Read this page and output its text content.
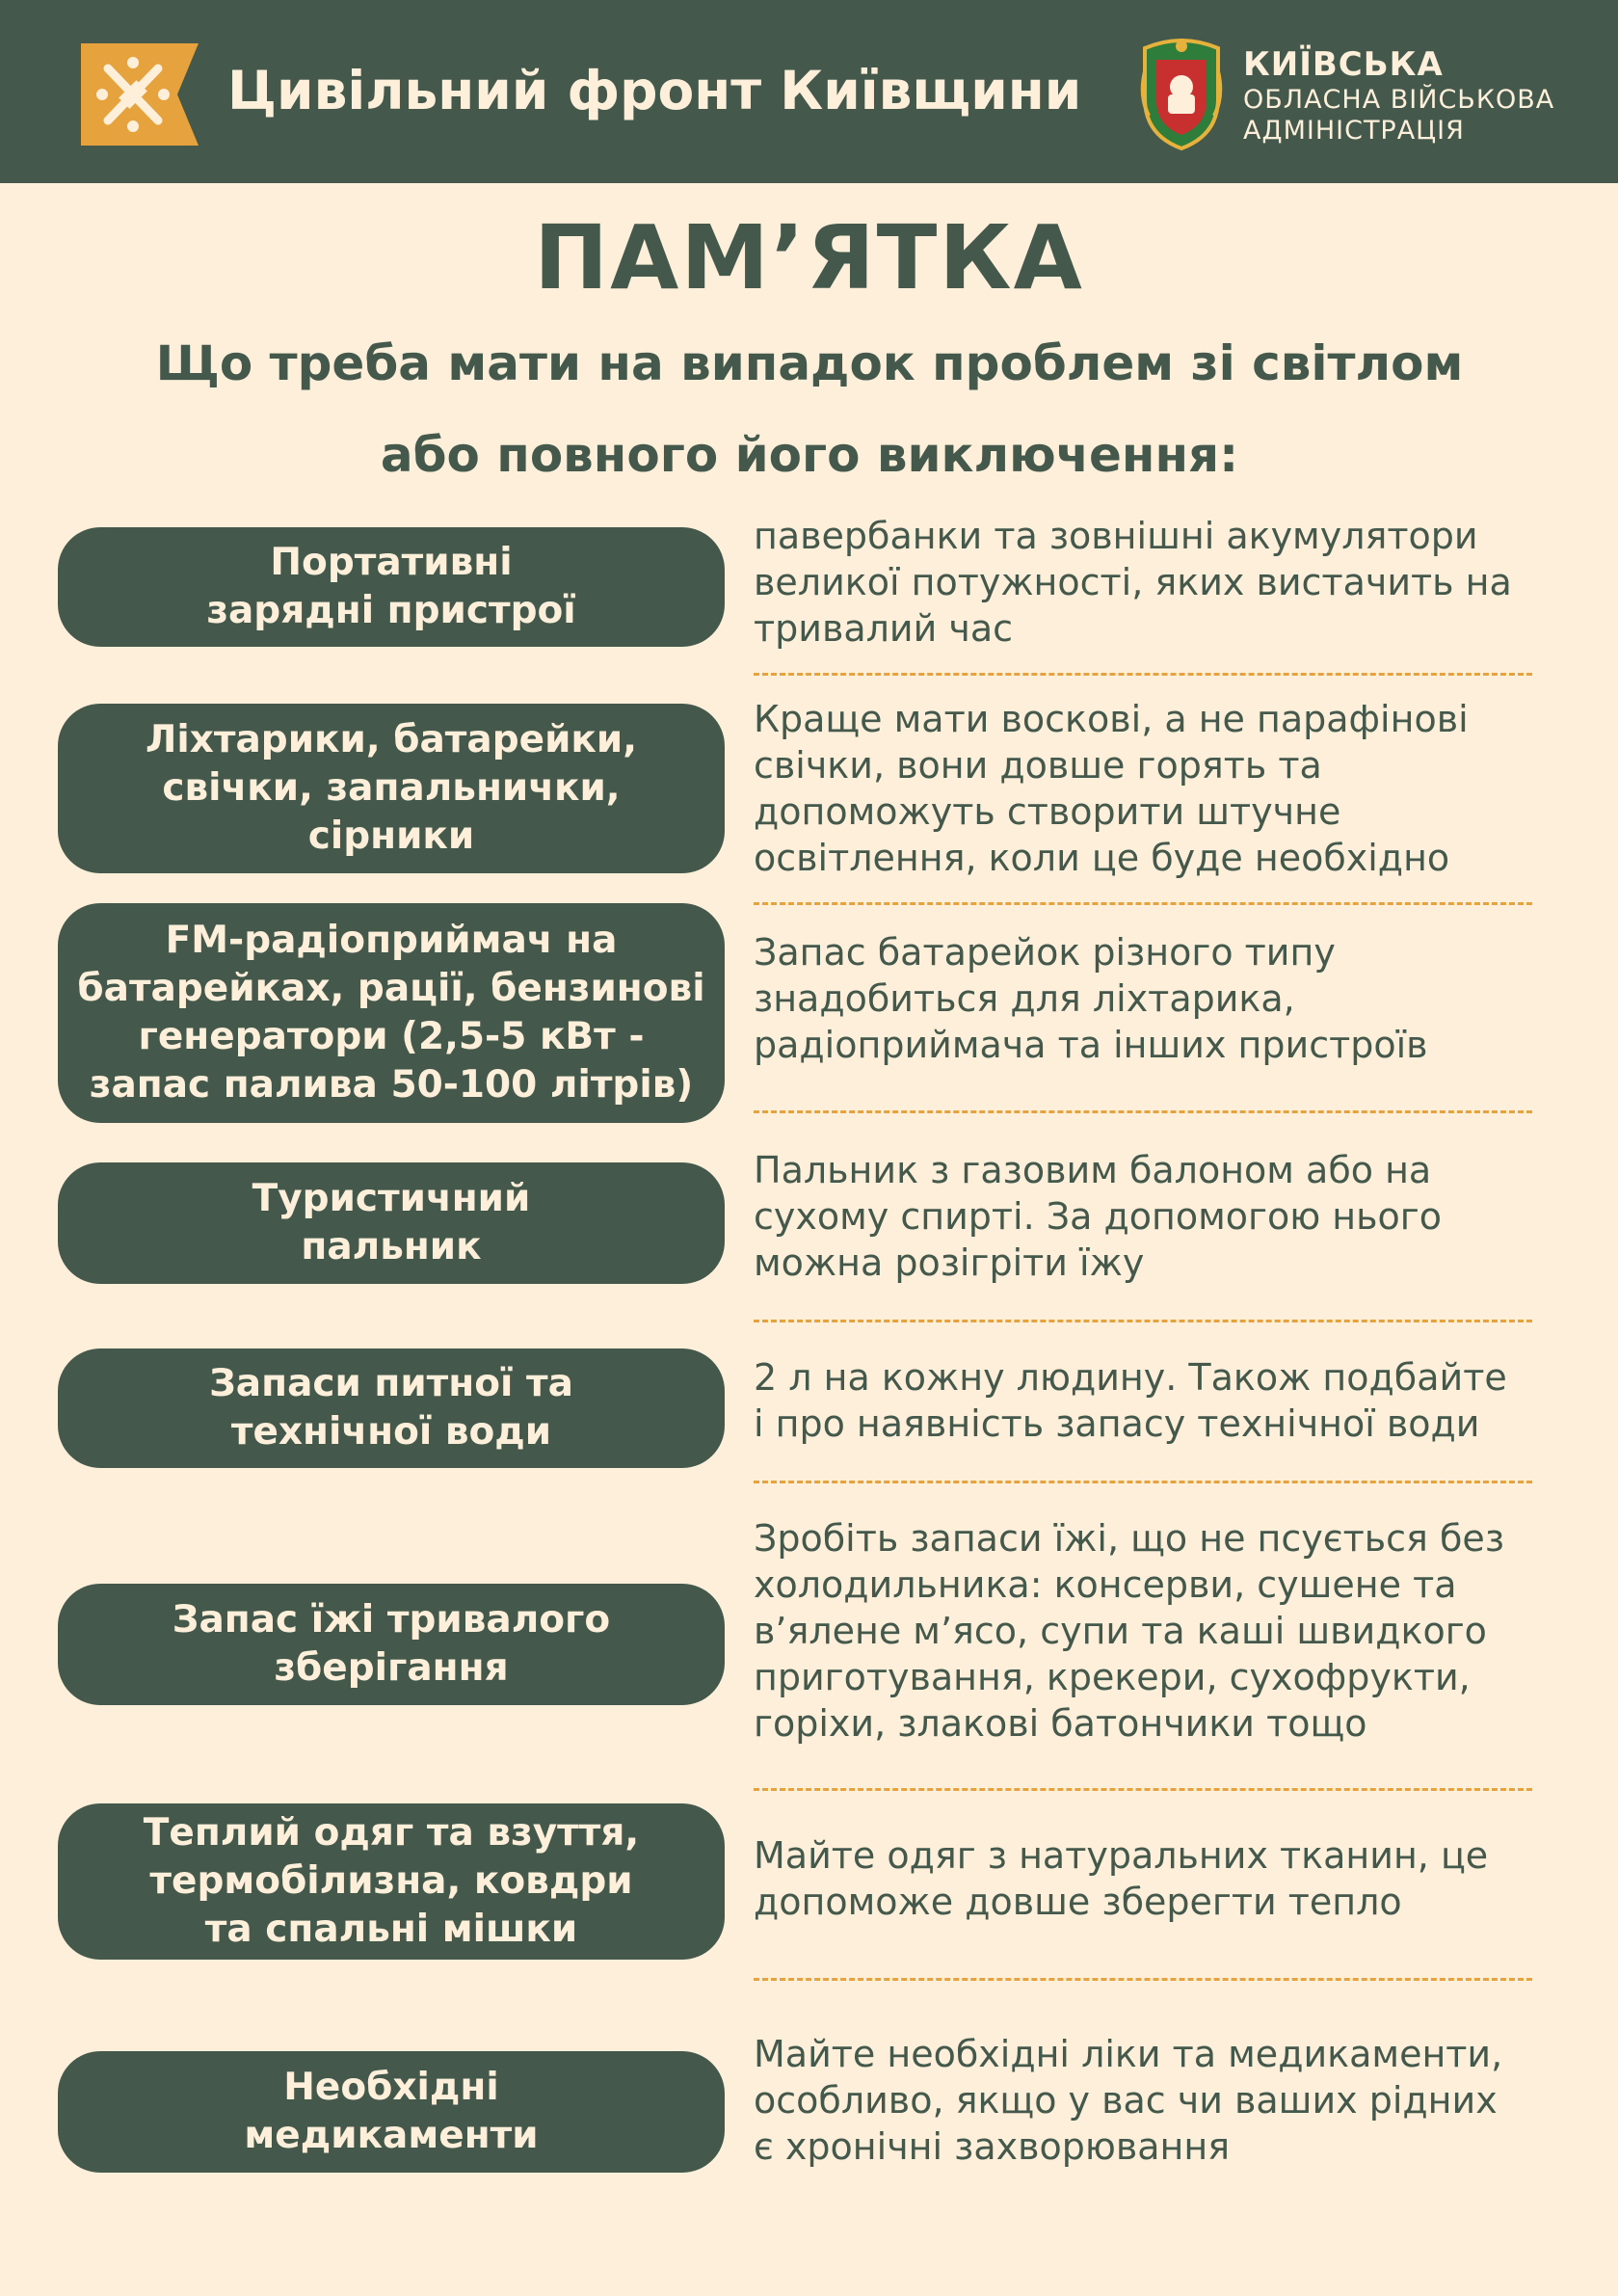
Цивільний фронт Київщини	КИЇВСЬКА
ОБЛАСНА ВІЙСЬКОВА
АДМІНІСТРАЦІЯ
ПАМ’ЯТКА
Що треба мати на випадок проблем зі світлом або повного його виключення:
Портативні
зарядні пристрої
павербанки та зовнішні акумулятори
великої потужності, яких вистачить на
тривалий час
Ліхтарики, батарейки,
свічки, запальнички,
сірники
Краще мати воскові, а не парафінові
свічки, вони довше горять та
допоможуть створити штучне
освітлення, коли це буде необхідно
FM-радіоприймач на
батарейках, рації, бензинові
генератори (2,5-5 кВт -
запас палива 50-100 літрів)
Запас батарейок різного типу
знадобиться для ліхтарика,
радіоприймача та інших пристроїв
Туристичний
пальник
Пальник з газовим балоном або на
сухому спирті. За допомогою нього
можна розігріти їжу
Запаси питної та
технічної води
2 л на кожну людину. Також подбайте
і про наявність запасу технічної води
Запас їжі тривалого
зберігання
Зробіть запаси їжі, що не псується без
холодильника: консерви, сушене та
в’ялене м’ясо, супи та каші швидкого
приготування, крекери, сухофрукти,
горіхи, злакові батончики тощо
Теплий одяг та взуття,
термобілизна, ковдри
та спальні мішки
Майте одяг з натуральних тканин, це
допоможе довше зберегти тепло
Необхідні
медикаменти
Майте необхідні ліки та медикаменти,
особливо, якщо у вас чи ваших рідних
є хронічні захворювання
